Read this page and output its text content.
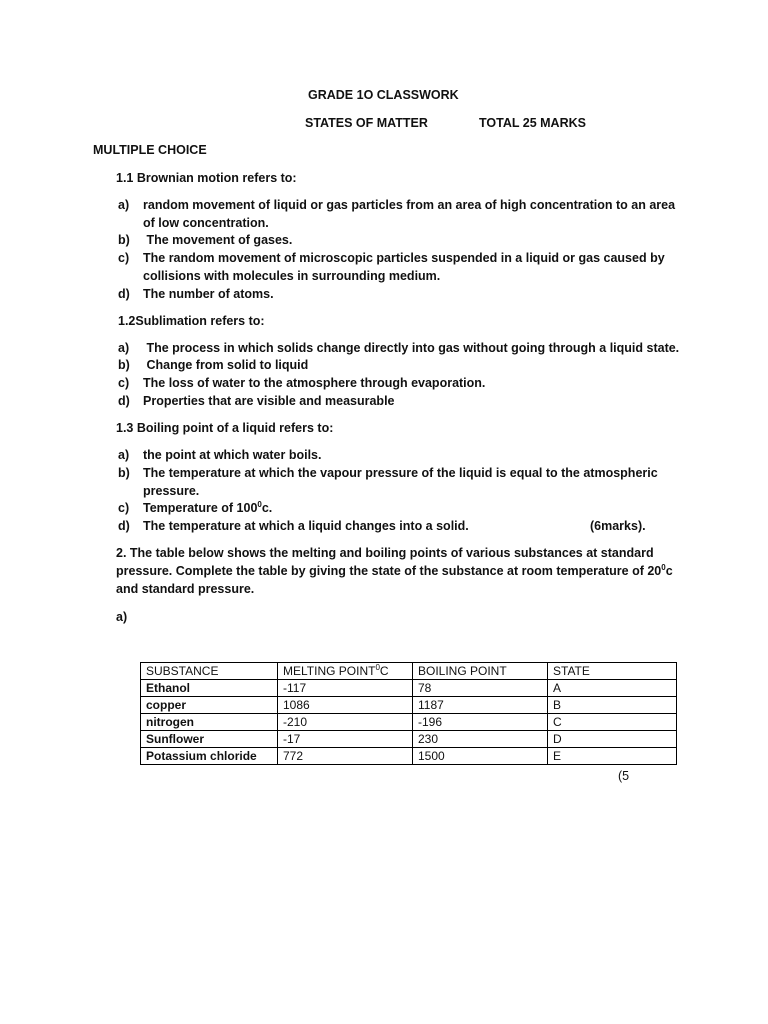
GRADE 1O CLASSWORK
STATES OF MATTER	TOTAL 25 MARKS
MULTIPLE CHOICE
1.1 Brownian motion refers to:
a) random movement of liquid or gas particles from an area of high concentration to an area
of low concentration.
b) The movement of gases.
c) The random movement of microscopic particles suspended in a liquid or gas caused by
collisions with molecules in surrounding medium.
d) The number of atoms.
1.2Sublimation refers to:
a) The process in which solids change directly into gas without going through a liquid state.
b) Change from solid to liquid
c) The loss of water to the atmosphere through evaporation.
d) Properties that are visible and measurable
1.3 Boiling point of a liquid refers to:
a) the point at which water boils.
b) The temperature at which the vapour pressure of the liquid is equal to the atmospheric
pressure.
c) Temperature of $100^0c$.
d) The temperature at which a liquid changes into a solid.	(6marks).
2. The table below shows the melting and boiling points of various substances at standard
pressure. Complete the table by giving the state of the substance at room temperature of $20^0c$
and standard pressure.
a)
SUBSTANCE	MELTING POINT$^0$C	BOILING POINT	STATE
Ethanol	-117	78	A
copper	1086	1187	B
nitrogen	-210	-196	C
Sunflower	-17	230	D
Potassium chloride	772	1500	E
(5
